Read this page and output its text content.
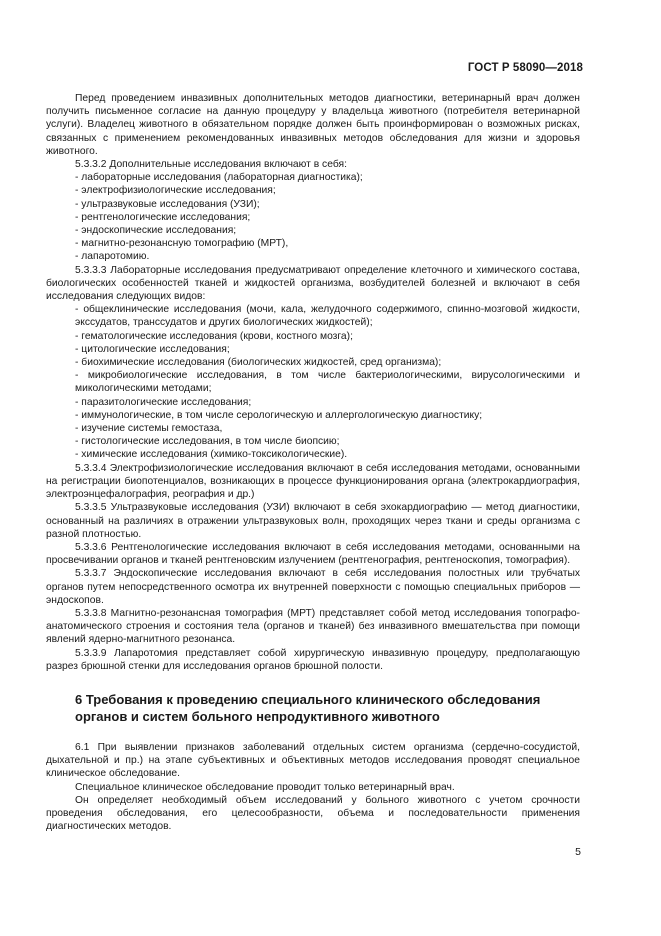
ГОСТ Р 58090—2018
Перед проведением инвазивных дополнительных методов диагностики, ветеринарный врач должен получить письменное согласие на данную процедуру у владельца животного (потребителя ветеринарной услуги). Владелец животного в обязательном порядке должен быть проинформирован о возможных рисках, связанных с применением рекомендованных инвазивных методов обследования для жизни и здоровья животного.
5.3.3.2 Дополнительные исследования включают в себя:
- лабораторные исследования (лабораторная диагностика);
- электрофизиологические исследования;
- ультразвуковые исследования (УЗИ);
- рентгенологические исследования;
- эндоскопические исследования;
- магнитно-резонансную томографию (МРТ),
- лапаротомию.
5.3.3.3 Лабораторные исследования предусматривают определение клеточного и химического состава, биологических особенностей тканей и жидкостей организма, возбудителей болезней и включают в себя исследования следующих видов:
- общеклинические исследования (мочи, кала, желудочного содержимого, спинно-мозговой жидкости, экссудатов, транссудатов и других биологических жидкостей);
- гематологические исследования (крови, костного мозга);
- цитологические исследования;
- биохимические исследования (биологических жидкостей, сред организма);
- микробиологические исследования, в том числе бактериологическими, вирусологическими и микологическими методами;
- паразитологические исследования;
- иммунологические, в том числе серологическую и аллергологическую диагностику;
- изучение системы гемостаза,
- гистологические исследования, в том числе биопсию;
- химические исследования (химико-токсикологические).
5.3.3.4 Электрофизиологические исследования включают в себя исследования методами, основанными на регистрации биопотенциалов, возникающих в процессе функционирования органа (электрокардиография, электроэнцефалография, реография и др.)
5.3.3.5 Ультразвуковые исследования (УЗИ) включают в себя эхокардиографию — метод диагностики, основанный на различиях в отражении ультразвуковых волн, проходящих через ткани и среды организма с разной плотностью.
5.3.3.6 Рентгенологические исследования включают в себя исследования методами, основанными на просвечивании органов и тканей рентгеновским излучением (рентгенография, рентгеноскопия, томография).
5.3.3.7 Эндоскопические исследования включают в себя исследования полостных или трубчатых органов путем непосредственного осмотра их внутренней поверхности с помощью специальных приборов — эндоскопов.
5.3.3.8 Магнитно-резонансная томография (МРТ) представляет собой метод исследования топографо-анатомического строения и состояния тела (органов и тканей) без инвазивного вмешательства при помощи явлений ядерно-магнитного резонанса.
5.3.3.9 Лапаротомия представляет собой хирургическую инвазивную процедуру, предполагающую разрез брюшной стенки для исследования органов брюшной полости.
6 Требования к проведению специального клинического обследования органов и систем больного непродуктивного животного
6.1 При выявлении признаков заболеваний отдельных систем организма (сердечно-сосудистой, дыхательной и пр.) на этапе субъективных и объективных методов исследования проводят специальное клиническое обследование.
Специальное клиническое обследование проводит только ветеринарный врач.
Он определяет необходимый объем исследований у больного животного с учетом срочности проведения обследования, его целесообразности, объема и последовательности применения диагностических методов.
5
